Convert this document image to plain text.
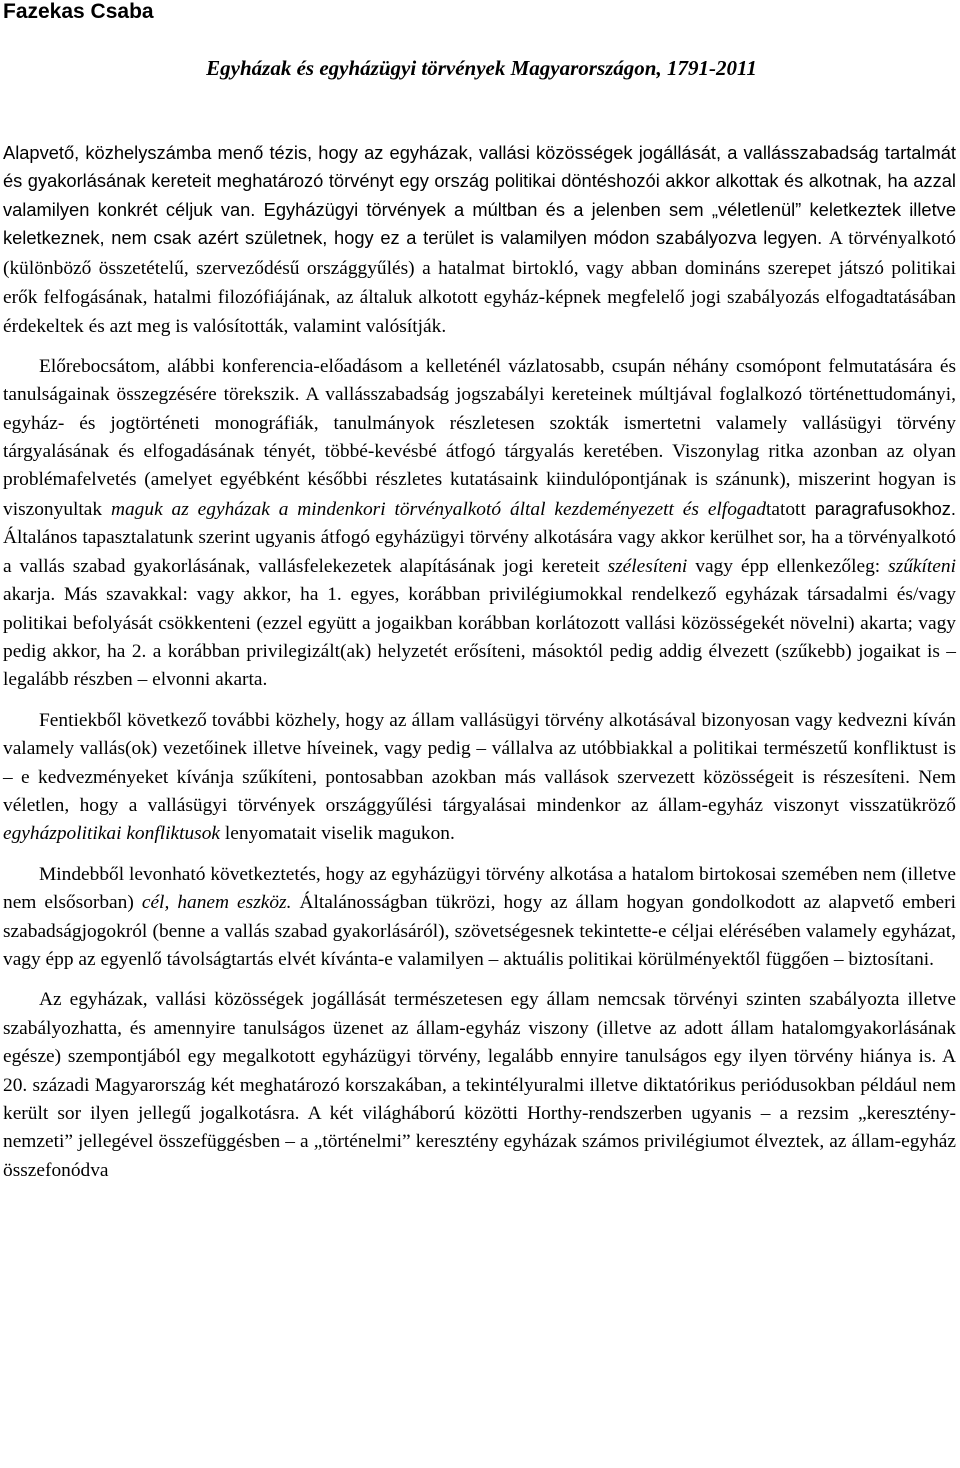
Fazekas Csaba
Egyházak és egyházügyi törvények Magyarországon, 1791-2011

Alapvető, közhelyszámba menő tézis, hogy az egyházak, vallási közösségek jogállását, a vallásszabadság tartalmát és gyakorlásának kereteit meghatározó törvényt egy ország politikai döntéshozói akkor alkottak és alkotnak, ha azzal valamilyen konkrét céljuk van. Egyházügyi törvények a múltban és a jelenben sem „véletlenül” keletkeztek illetve keletkeznek, nem csak azért születnek, hogy ez a terület is valamilyen módon szabályozva legyen. A törvényalkotó (különböző összetételű, szerveződésű országgyűlés) a hatalmat birtokló, vagy abban domináns szerepet játszó politikai erők felfogásának, hatalmi filozófiájának, az általuk alkotott egyház-képnek megfelelő jogi szabályozás elfogadtatásában érdekeltek és azt meg is valósították, valamint valósítják.

Előrebocsátom, alábbi konferencia-előadásom a kelleténél vázlatosabb, csupán néhány csomópont felmutatására és tanulságainak összegzésére törekszik. A vallásszabadság jogszabályi kereteinek múltjával foglalkozó történettudományi, egyház- és jogtörténeti monográfiák, tanulmányok részletesen szokták ismertetni valamely vallásügyi törvény tárgyalásának és elfogadásának tényét, többé-kevésbé átfogó tárgyalás keretében. Viszonylag ritka azonban az olyan problémafelvetés (amelyet egyébként későbbi részletes kutatásaink kiindulópontjának is szánunk), miszerint hogyan is viszonyultak maguk az egyházak a mindenkori törvényalkotó által kezdeményezett és elfogadtatott paragrafusokhoz. Általános tapasztalatunk szerint ugyanis átfogó egyházügyi törvény alkotására vagy akkor kerülhet sor, ha a törvényalkotó a vallás szabad gyakorlásának, vallásfelekezetek alapításának jogi kereteit szélesíteni vagy épp ellenkezőleg: szűkíteni akarja. Más szavakkal: vagy akkor, ha 1. egyes, korábban privilégiumokkal rendelkező egyházak társadalmi és/vagy politikai befolyását csökkenteni (ezzel együtt a jogaikban korábban korlátozott vallási közösségekét növelni) akarta; vagy pedig akkor, ha 2. a korábban privilegizált(ak) helyzetét erősíteni, másoktól pedig addig élvezett (szűkebb) jogaikat is – legalább részben – elvonni akarta.

Fentiekből következő további közhely, hogy az állam vallásügyi törvény alkotásával bizonyosan vagy kedvezni kíván valamely vallás(ok) vezetőinek illetve híveinek, vagy pedig – vállalva az utóbbiakkal a politikai természetű konfliktust is – e kedvezményeket kívánja szűkíteni, pontosabban azokban más vallások szervezett közösségeit is részesíteni. Nem véletlen, hogy a vallásügyi törvények országgyűlési tárgyalásai mindenkor az állam-egyház viszonyt visszatükröző egyházpolitikai konfliktusok lenyomatait viselik magukon.

Mindebből levonható következtetés, hogy az egyházügyi törvény alkotása a hatalom birtokosai szemében nem (illetve nem elsősorban) cél, hanem eszköz. Általánosságban tükrözi, hogy az állam hogyan gondolkodott az alapvető emberi szabadságjogokról (benne a vallás szabad gyakorlásáról), szövetségesnek tekintette-e céljai elérésében valamely egyházat, vagy épp az egyenlő távolságtartás elvét kívánta-e valamilyen – aktuális politikai körülményektől függően – biztosítani.

Az egyházak, vallási közösségek jogállását természetesen egy állam nemcsak törvényi szinten szabályozta illetve szabályozhatta, és amennyire tanulságos üzenet az állam-egyház viszony (illetve az adott állam hatalomgyakorlásának egésze) szempontjából egy megalkotott egyházügyi törvény, legalább ennyire tanulságos egy ilyen törvény hiánya is. A 20. századi Magyarország két meghatározó korszakában, a tekintélyuralmi illetve diktatórikus periódusokban például nem került sor ilyen jellegű jogalkotásra. A két világháború közötti Horthy-rendszerben ugyanis – a rezsim „keresztény-nemzeti” jellegével összefüggésben – a „történelmi” keresztény egyházak számos privilégiumot élveztek, az állam-egyház összefonódva
